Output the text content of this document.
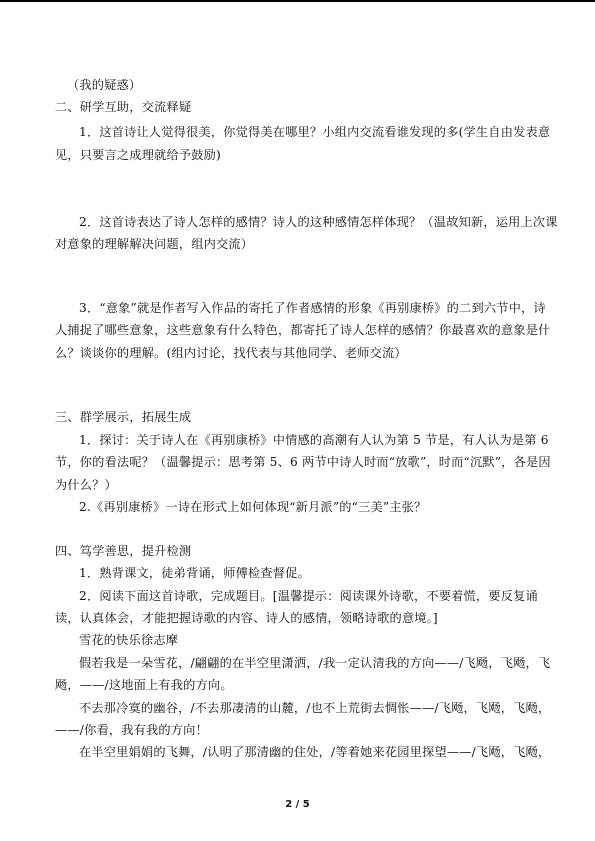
（我的疑惑）
二、研学互助，交流释疑
1．这首诗让人觉得很美，你觉得美在哪里？小组内交流看谁发现的多(学生自由发表意
见，只要言之成理就给予鼓励)
2．这首诗表达了诗人怎样的感情？诗人的这种感情怎样体现？（温故知新，运用上次课
对意象的理解解决问题，组内交流）
3．“意象”就是作者写入作品的寄托了作者感情的形象《再别康桥》的二到六节中，诗
人捕捉了哪些意象，这些意象有什么特色，都寄托了诗人怎样的感情？你最喜欢的意象是什
么？谈谈你的理解。(组内讨论，找代表与其他同学、老师交流）
三、群学展示，拓展生成
1．探讨：关于诗人在《再别康桥》中情感的高潮有人认为第 5 节是，有人认为是第 6
节，你的看法呢？（温馨提示：思考第 5、6 两节中诗人时而“放歌”，时而“沉默”，各是因
为什么？）
2.《再别康桥》一诗在形式上如何体现“新月派”的“三美”主张？
四、笃学善思，提升检测
1．熟背课文，徒弟背诵，师傅检查督促。
2．阅读下面这首诗歌，完成题目。[温馨提示：阅读课外诗歌，不要着慌，要反复诵
读，认真体会，才能把握诗歌的内容、诗人的感情，领略诗歌的意境。]
雪花的快乐徐志摩
假若我是一朵雪花，/翩翩的在半空里潇洒，/我一定认清我的方向——/飞飏，飞飏，飞
飏，——/这地面上有我的方向。
不去那冷寞的幽谷，/不去那凄清的山麓，/也不上荒街去惆怅——/飞飏，飞飏，飞飏，
——/你看，我有我的方向！
在半空里娟娟的飞舞，/认明了那清幽的住处，/等着她来花园里探望——/飞飏，飞飏，
2 / 5
